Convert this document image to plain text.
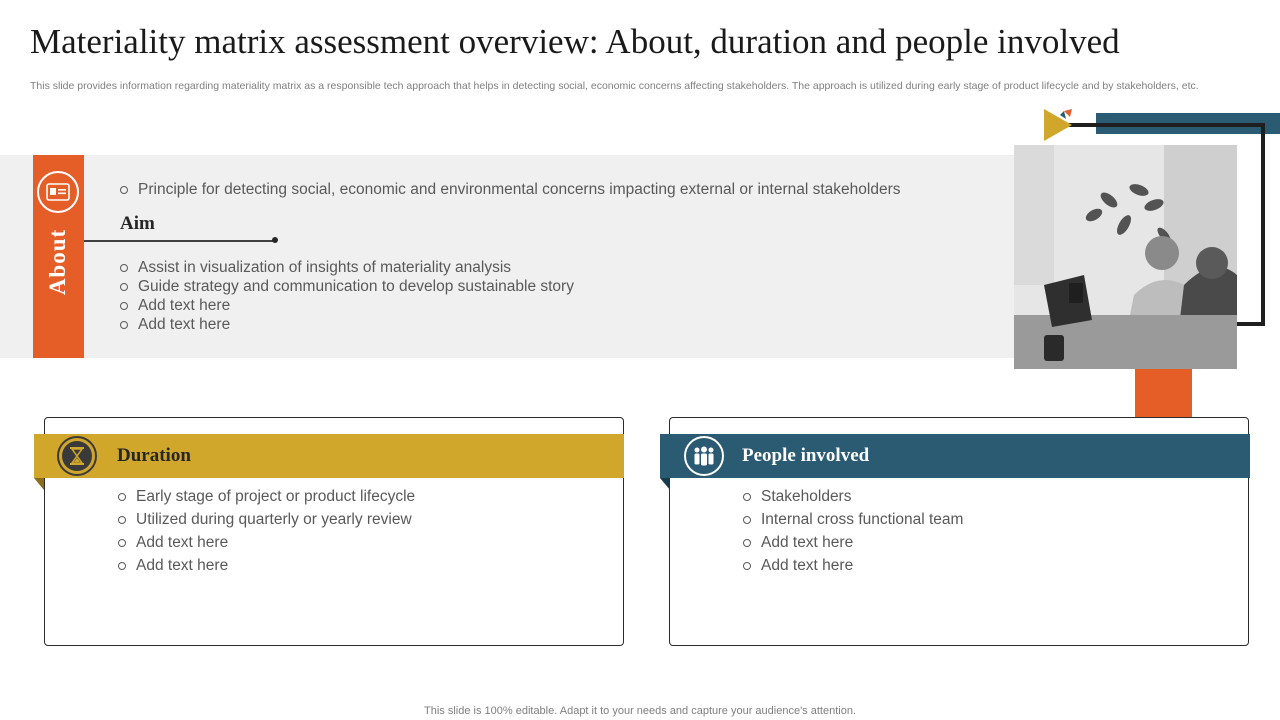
Materiality matrix assessment overview: About, duration and people involved
This slide provides information regarding materiality matrix as a responsible tech approach that helps in detecting social, economic concerns affecting stakeholders. The approach is utilized during early stage of product lifecycle and by stakeholders, etc.
About
Principle for detecting social, economic and environmental concerns impacting external or internal stakeholders
Aim
Assist in visualization of insights of materiality analysis
Guide strategy and communication to develop sustainable story
Add text here
Add text here
Duration
Early stage of project or product lifecycle
Utilized during quarterly or yearly review
Add text here
Add text here
People involved
Stakeholders
Internal cross functional team
Add text here
Add text here
This slide is 100% editable. Adapt it to your needs and capture your audience's attention.
